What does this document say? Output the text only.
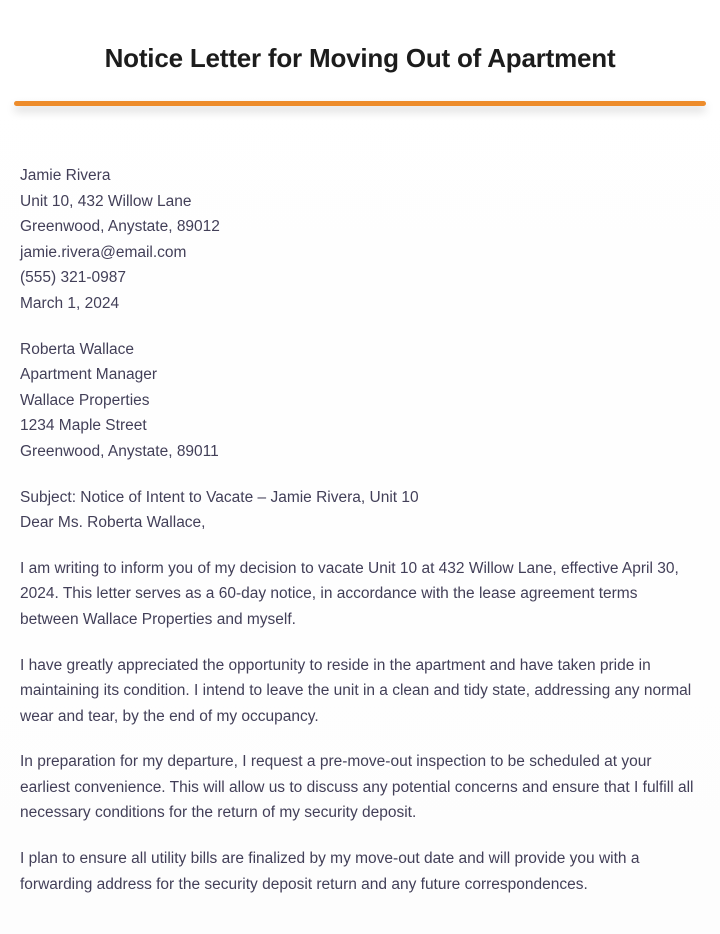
Notice Letter for Moving Out of Apartment
Jamie Rivera
Unit 10, 432 Willow Lane
Greenwood, Anystate, 89012
jamie.rivera@email.com
(555) 321-0987
March 1, 2024
Roberta Wallace
Apartment Manager
Wallace Properties
1234 Maple Street
Greenwood, Anystate, 89011
Subject: Notice of Intent to Vacate – Jamie Rivera, Unit 10
Dear Ms. Roberta Wallace,

I am writing to inform you of my decision to vacate Unit 10 at 432 Willow Lane, effective April 30, 2024. This letter serves as a 60-day notice, in accordance with the lease agreement terms between Wallace Properties and myself.

I have greatly appreciated the opportunity to reside in the apartment and have taken pride in maintaining its condition. I intend to leave the unit in a clean and tidy state, addressing any normal wear and tear, by the end of my occupancy.

In preparation for my departure, I request a pre-move-out inspection to be scheduled at your earliest convenience. This will allow us to discuss any potential concerns and ensure that I fulfill all necessary conditions for the return of my security deposit.

I plan to ensure all utility bills are finalized by my move-out date and will provide you with a forwarding address for the security deposit return and any future correspondences.
